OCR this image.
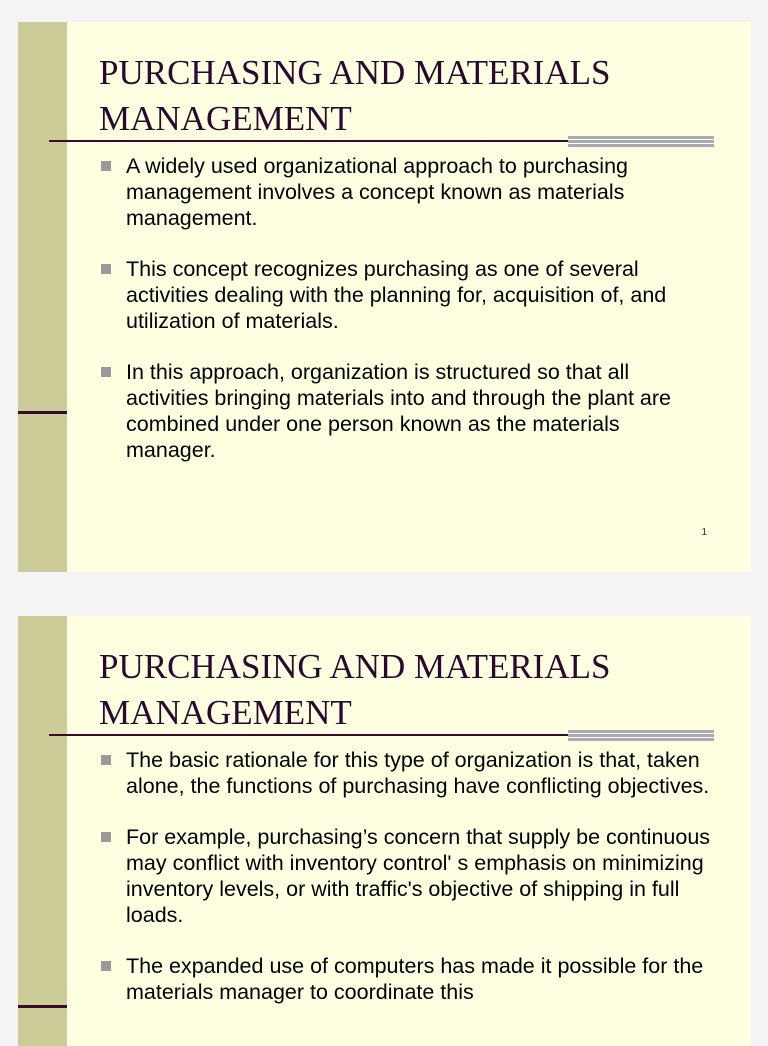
PURCHASING AND MATERIALS
MANAGEMENT
A widely used organizational approach to purchasing management involves a concept known as materials management.
This concept recognizes purchasing as one of several activities dealing with the planning for, acquisition of, and utilization of materials.
In this approach, organization is structured so that all activities bringing materials into and through the plant are combined under one person known as the materials manager.
1
PURCHASING AND MATERIALS
MANAGEMENT
The basic rationale for this type of organization is that, taken alone, the functions of purchasing have conflicting objectives.
For example, purchasing’s concern that supply be continuous may conflict with inventory control' s emphasis on minimizing inventory levels, or with traffic's objective of shipping in full loads.
The expanded use of computers has made it possible for the materials manager to coordinate this
